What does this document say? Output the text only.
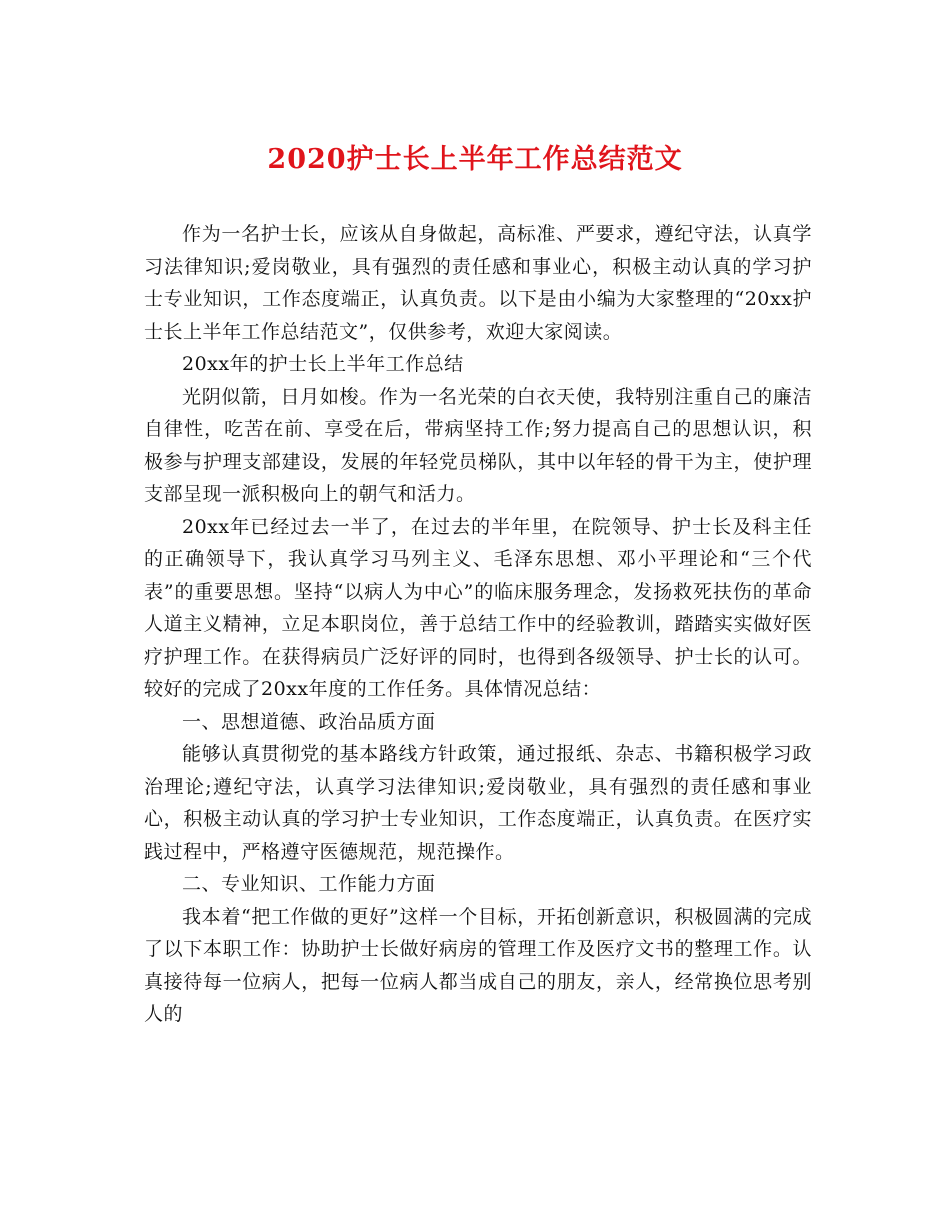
2020护士长上半年工作总结范文

作为一名护士长，应该从自身做起，高标准、严要求，遵纪守法，认真学习法律知识;爱岗敬业，具有强烈的责任感和事业心，积极主动认真的学习护士专业知识，工作态度端正，认真负责。以下是由小编为大家整理的“20xx护士长上半年工作总结范文”，仅供参考，欢迎大家阅读。

20xx年的护士长上半年工作总结

光阴似箭，日月如梭。作为一名光荣的白衣天使，我特别注重自己的廉洁自律性，吃苦在前、享受在后，带病坚持工作;努力提高自己的思想认识，积极参与护理支部建设，发展的年轻党员梯队，其中以年轻的骨干为主，使护理支部呈现一派积极向上的朝气和活力。

20xx年已经过去一半了，在过去的半年里，在院领导、护士长及科主任的正确领导下，我认真学习马列主义、毛泽东思想、邓小平理论和“三个代表”的重要思想。坚持“以病人为中心”的临床服务理念，发扬救死扶伤的革命人道主义精神，立足本职岗位，善于总结工作中的经验教训，踏踏实实做好医疗护理工作。在获得病员广泛好评的同时，也得到各级领导、护士长的认可。较好的完成了20xx年度的工作任务。具体情况总结：

一、思想道德、政治品质方面

能够认真贯彻党的基本路线方针政策，通过报纸、杂志、书籍积极学习政治理论;遵纪守法，认真学习法律知识;爱岗敬业，具有强烈的责任感和事业心，积极主动认真的学习护士专业知识，工作态度端正，认真负责。在医疗实践过程中，严格遵守医德规范，规范操作。

二、专业知识、工作能力方面

我本着“把工作做的更好”这样一个目标，开拓创新意识，积极圆满的完成了以下本职工作：协助护士长做好病房的管理工作及医疗文书的整理工作。认真接待每一位病人，把每一位病人都当成自己的朋友，亲人，经常换位思考别人的
